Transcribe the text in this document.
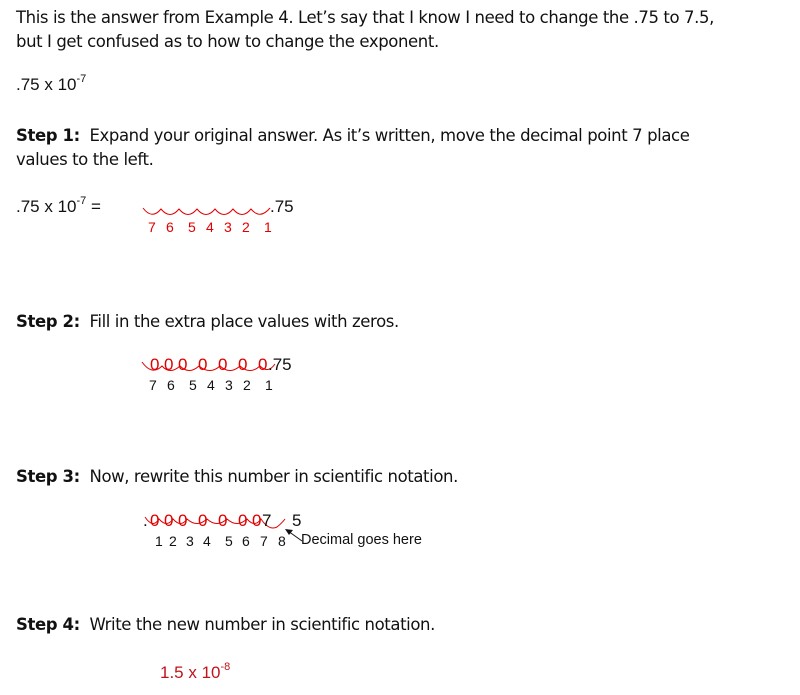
This is the answer from Example 4. Let’s say that I know I need to change the .75 to 7.5,
but I get confused as to how to change the exponent.
.75 x $10^{-7}$
Step 1: Expand your original answer. As it’s written, move the decimal point 7 place
values to the left.
.75 x $10^{-7}$ =	.75
7 6 5 4 3 2 1
Step 2: Fill in the extra place values with zeros.
0 0 0 0 0 0 0 .75
7 6 5 4 3 2 1
Step 3: Now, rewrite this number in scientific notation.
. 0 0 0 0 0 0 0 7 5
1 2 3 4 5 6 7 8 Decimal goes here
Step 4: Write the new number in scientific notation.
1.5 x $10^{-8}$
